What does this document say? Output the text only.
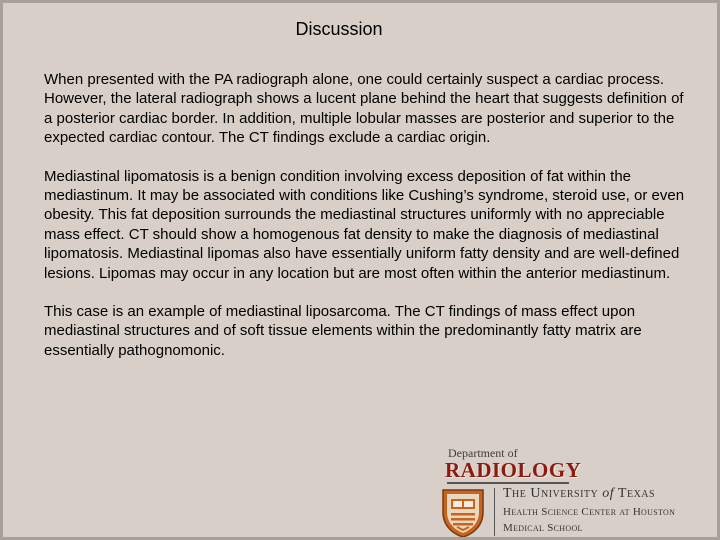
Discussion

When presented with the PA radiograph alone, one could certainly suspect a cardiac process. However, the lateral radiograph shows a lucent plane behind the heart that suggests definition of a posterior cardiac border. In addition, multiple lobular masses are posterior and superior to the expected cardiac contour. The CT findings exclude a cardiac origin.

Mediastinal lipomatosis is a benign condition involving excess deposition of fat within the mediastinum. It may be associated with conditions like Cushing’s syndrome, steroid use, or even obesity. This fat deposition surrounds the mediastinal structures uniformly with no appreciable mass effect. CT should show a homogenous fat density to make the diagnosis of mediastinal lipomatosis. Mediastinal lipomas also have essentially uniform fatty density and are well-defined lesions. Lipomas may occur in any location but are most often within the anterior mediastinum.

This case is an example of mediastinal liposarcoma. The CT findings of mass effect upon mediastinal structures and of soft tissue elements within the predominantly fatty matrix are essentially pathognomonic.

Department of
RADIOLOGY
The University of Texas
Health Science Center at Houston
Medical School
